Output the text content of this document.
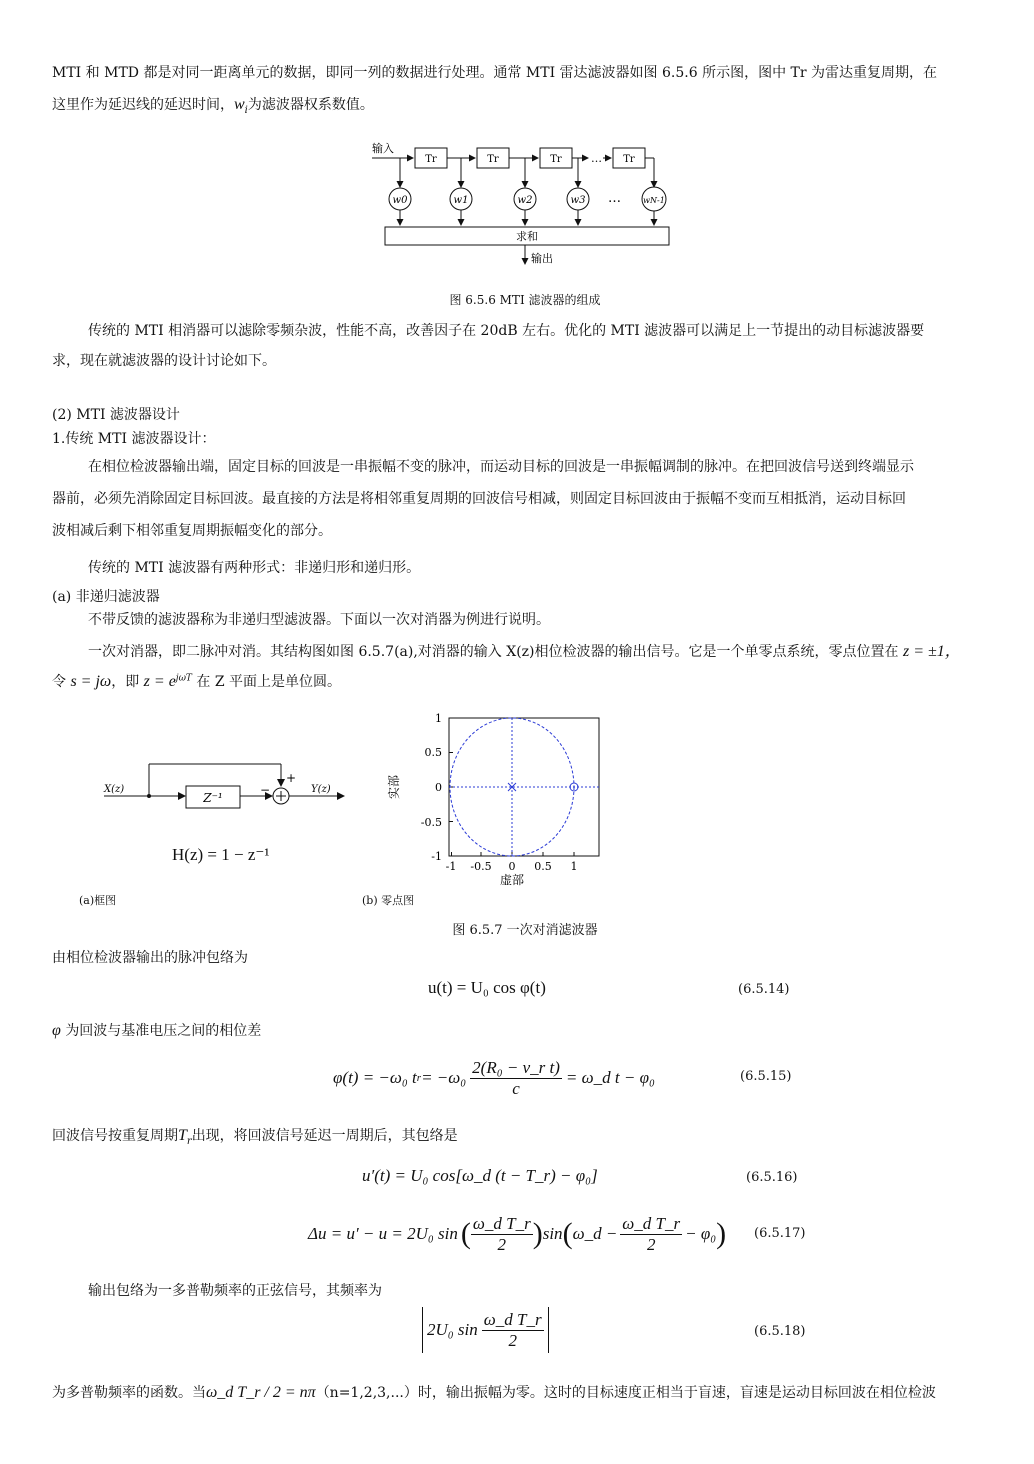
MTI 和 MTD 都是对同一距离单元的数据，即同一列的数据进行处理。通常 MTI 雷达滤波器如图 6.5.6 所示图，图中 Tr 为雷达重复周期，在
这里作为延迟线的延迟时间，$w_i$为滤波器权系数值。
输入
Tr	Tr	Tr	… Tr
w0	w1	w2	w3 …	wN-1
求和
输出
图 6.5.6 MTI 滤波器的组成
传统的 MTI 相消器可以滤除零频杂波，性能不高，改善因子在 20dB 左右。优化的 MTI 滤波器可以满足上一节提出的动目标滤波器要
求，现在就滤波器的设计讨论如下。
(2) MTI 滤波器设计
1.传统 MTI 滤波器设计：
在相位检波器输出端，固定目标的回波是一串振幅不变的脉冲，而运动目标的回波是一串振幅调制的脉冲。在把回波信号送到终端显示
器前，必须先消除固定目标回波。最直接的方法是将相邻重复周期的回波信号相减，则固定目标回波由于振幅不变而互相抵消，运动目标回
波相减后剩下相邻重复周期振幅变化的部分。
传统的 MTI 滤波器有两种形式：非递归形和递归形。
(a) 非递归滤波器
不带反馈的滤波器称为非递归型滤波器。下面以一次对消器为例进行说明。
一次对消器，即二脉冲对消。其结构图如图 6.5.7(a),对消器的输入 X(z)相位检波器的输出信号。它是一个单零点系统，零点位置在 z = ±1，
令 s = jω，即 $z = e^{j\omega T}$ 在 Z 平面上是单位圆。
X(z)
Z⁻¹
+
−	Y(z)
H(z) = 1 − z⁻¹
1
0.5
0
-0.5
-1
-1 -0.5 0 0.5 1
虚部
实部
(a)框图	(b) 零点图
图 6.5.7 一次对消滤波器
由相位检波器输出的脉冲包络为
u(t) = U₀ cos φ(t)	(6.5.14)
φ 为回波与基准电压之间的相位差
φ(t) = −ω₀ t $r = -\omega_0 \frac{\text{2(R₀ − v\_r t)}}{c}$ = ω_d t − φ₀	(6.5.15)
回波信号按重复周期$T_r$出现，将回波信号延迟一周期后，其包络是
u′(t) = U₀ cos[ω_d (t − T_r) − φ₀]	(6.5.16)
Δu = u′ − u = 2U₀ sin ( ω_d T_r
2 ) sin ( ω_d − $\frac{\text{ω\_d T\_r}}{2} - \varphi_0$ ) (6.5.17)
输出包络为一多普勒频率的正弦信号，其频率为
2U₀ sin
ω_d T_r
2	(6.5.18)
为多普勒频率的函数。当ω_d T_r / 2 = nπ（n=1,2,3,...）时，输出振幅为零。这时的目标速度正相当于盲速，盲速是运动目标回波在相位检波
